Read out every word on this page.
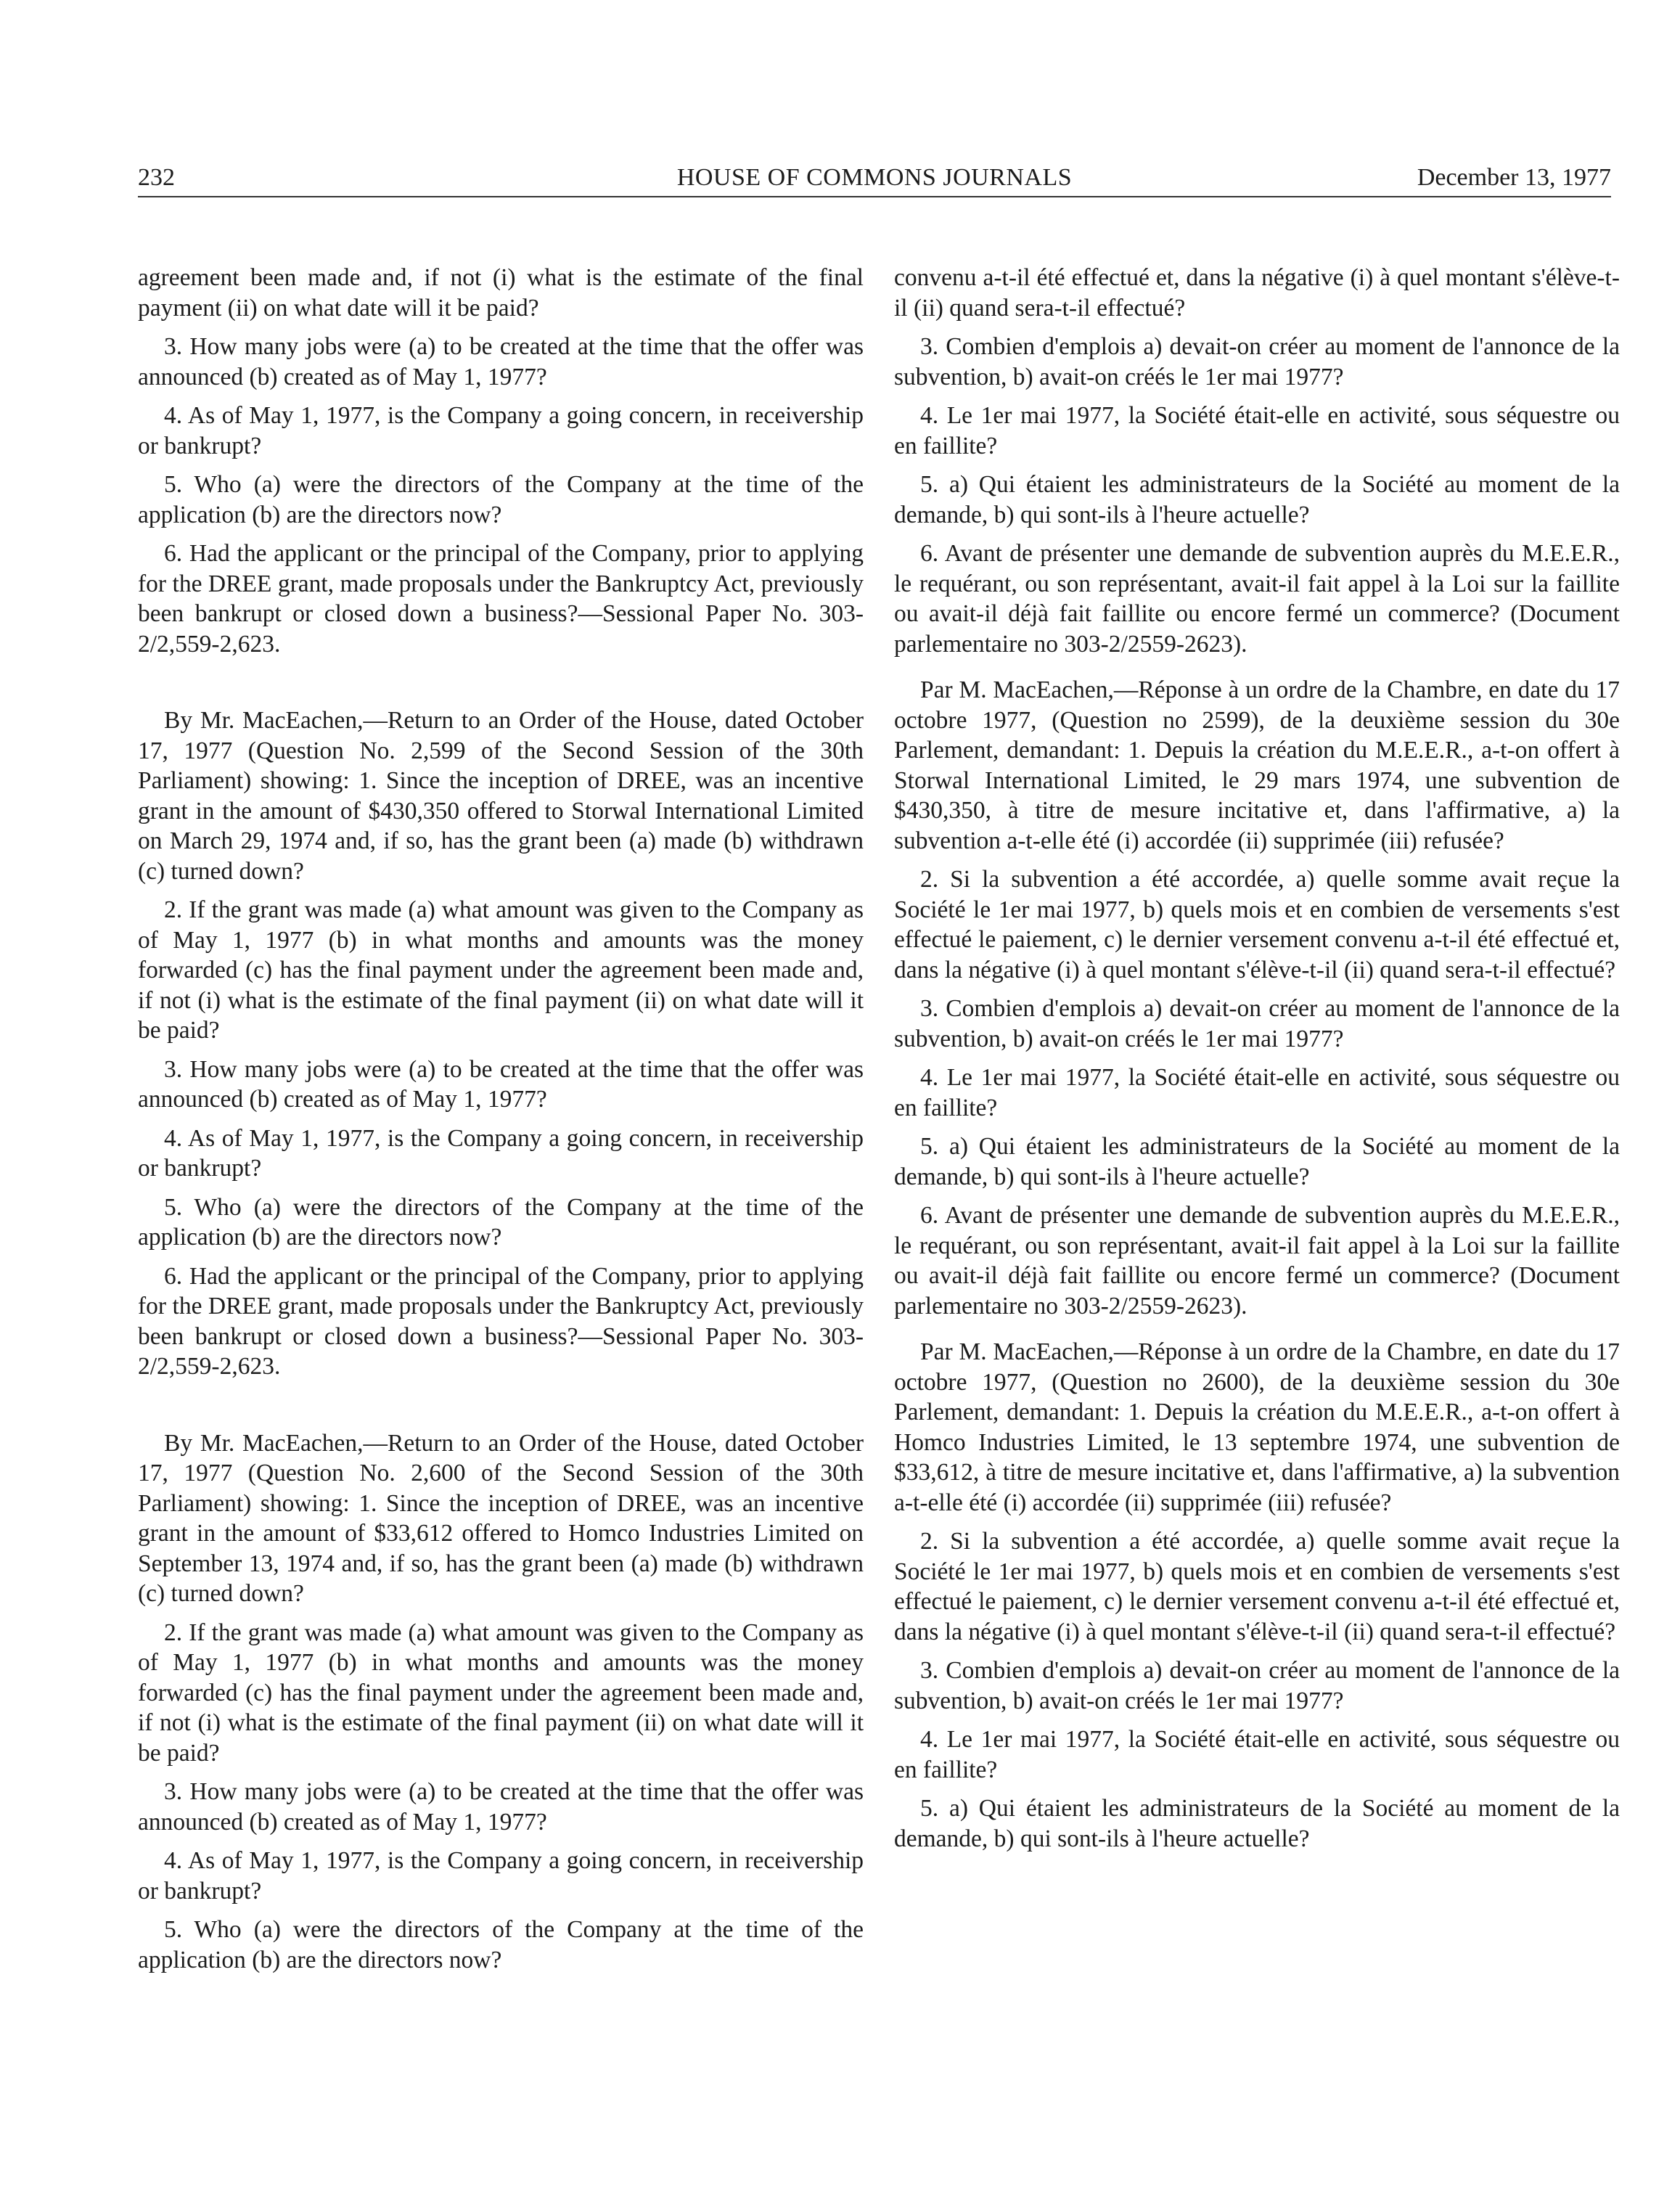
232	HOUSE OF COMMONS JOURNALS	December 13, 1977

agreement been made and, if not (i) what is the estimate of the final payment (ii) on what date will it be paid?

3. How many jobs were (a) to be created at the time that the offer was announced (b) created as of May 1, 1977?

4. As of May 1, 1977, is the Company a going concern, in receivership or bankrupt?

5. Who (a) were the directors of the Company at the time of the application (b) are the directors now?

6. Had the applicant or the principal of the Company, prior to applying for the DREE grant, made proposals under the Bankruptcy Act, previously been bankrupt or closed down a business?—Sessional Paper No. 303-2/2,559-2,623.

By Mr. MacEachen,—Return to an Order of the House, dated October 17, 1977 (Question No. 2,599 of the Second Session of the 30th Parliament) showing: 1. Since the inception of DREE, was an incentive grant in the amount of $430,350 offered to Storwal International Limited on March 29, 1974 and, if so, has the grant been (a) made (b) withdrawn (c) turned down?

2. If the grant was made (a) what amount was given to the Company as of May 1, 1977 (b) in what months and amounts was the money forwarded (c) has the final payment under the agreement been made and, if not (i) what is the estimate of the final payment (ii) on what date will it be paid?

3. How many jobs were (a) to be created at the time that the offer was announced (b) created as of May 1, 1977?

4. As of May 1, 1977, is the Company a going concern, in receivership or bankrupt?

5. Who (a) were the directors of the Company at the time of the application (b) are the directors now?

6. Had the applicant or the principal of the Company, prior to applying for the DREE grant, made proposals under the Bankruptcy Act, previously been bankrupt or closed down a business?—Sessional Paper No. 303-2/2,559-2,623.

By Mr. MacEachen,—Return to an Order of the House, dated October 17, 1977 (Question No. 2,600 of the Second Session of the 30th Parliament) showing: 1. Since the inception of DREE, was an incentive grant in the amount of $33,612 offered to Homco Industries Limited on September 13, 1974 and, if so, has the grant been (a) made (b) withdrawn (c) turned down?

2. If the grant was made (a) what amount was given to the Company as of May 1, 1977 (b) in what months and amounts was the money forwarded (c) has the final payment under the agreement been made and, if not (i) what is the estimate of the final payment (ii) on what date will it be paid?

3. How many jobs were (a) to be created at the time that the offer was announced (b) created as of May 1, 1977?

4. As of May 1, 1977, is the Company a going concern, in receivership or bankrupt?

5. Who (a) were the directors of the Company at the time of the application (b) are the directors now?

convenu a-t-il été effectué et, dans la négative (i) à quel montant s'élève-t-il (ii) quand sera-t-il effectué?

3. Combien d'emplois a) devait-on créer au moment de l'annonce de la subvention, b) avait-on créés le 1er mai 1977?

4. Le 1er mai 1977, la Société était-elle en activité, sous séquestre ou en faillite?

5. a) Qui étaient les administrateurs de la Société au moment de la demande, b) qui sont-ils à l'heure actuelle?

6. Avant de présenter une demande de subvention auprès du M.E.E.R., le requérant, ou son représentant, avait-il fait appel à la Loi sur la faillite ou avait-il déjà fait faillite ou encore fermé un commerce? (Document parlementaire no 303-2/2559-2623).

Par M. MacEachen,—Réponse à un ordre de la Chambre, en date du 17 octobre 1977, (Question no 2599), de la deuxième session du 30e Parlement, demandant: 1. Depuis la création du M.E.E.R., a-t-on offert à Storwal International Limited, le 29 mars 1974, une subvention de $430,350, à titre de mesure incitative et, dans l'affirmative, a) la subvention a-t-elle été (i) accordée (ii) supprimée (iii) refusée?

2. Si la subvention a été accordée, a) quelle somme avait reçue la Société le 1er mai 1977, b) quels mois et en combien de versements s'est effectué le paiement, c) le dernier versement convenu a-t-il été effectué et, dans la négative (i) à quel montant s'élève-t-il (ii) quand sera-t-il effectué?

3. Combien d'emplois a) devait-on créer au moment de l'annonce de la subvention, b) avait-on créés le 1er mai 1977?

4. Le 1er mai 1977, la Société était-elle en activité, sous séquestre ou en faillite?

5. a) Qui étaient les administrateurs de la Société au moment de la demande, b) qui sont-ils à l'heure actuelle?

6. Avant de présenter une demande de subvention auprès du M.E.E.R., le requérant, ou son représentant, avait-il fait appel à la Loi sur la faillite ou avait-il déjà fait faillite ou encore fermé un commerce? (Document parlementaire no 303-2/2559-2623).

Par M. MacEachen,—Réponse à un ordre de la Chambre, en date du 17 octobre 1977, (Question no 2600), de la deuxième session du 30e Parlement, demandant: 1. Depuis la création du M.E.E.R., a-t-on offert à Homco Industries Limited, le 13 septembre 1974, une subvention de $33,612, à titre de mesure incitative et, dans l'affirmative, a) la subvention a-t-elle été (i) accordée (ii) supprimée (iii) refusée?

2. Si la subvention a été accordée, a) quelle somme avait reçue la Société le 1er mai 1977, b) quels mois et en combien de versements s'est effectué le paiement, c) le dernier versement convenu a-t-il été effectué et, dans la négative (i) à quel montant s'élève-t-il (ii) quand sera-t-il effectué?

3. Combien d'emplois a) devait-on créer au moment de l'annonce de la subvention, b) avait-on créés le 1er mai 1977?

4. Le 1er mai 1977, la Société était-elle en activité, sous séquestre ou en faillite?

5. a) Qui étaient les administrateurs de la Société au moment de la demande, b) qui sont-ils à l'heure actuelle?
